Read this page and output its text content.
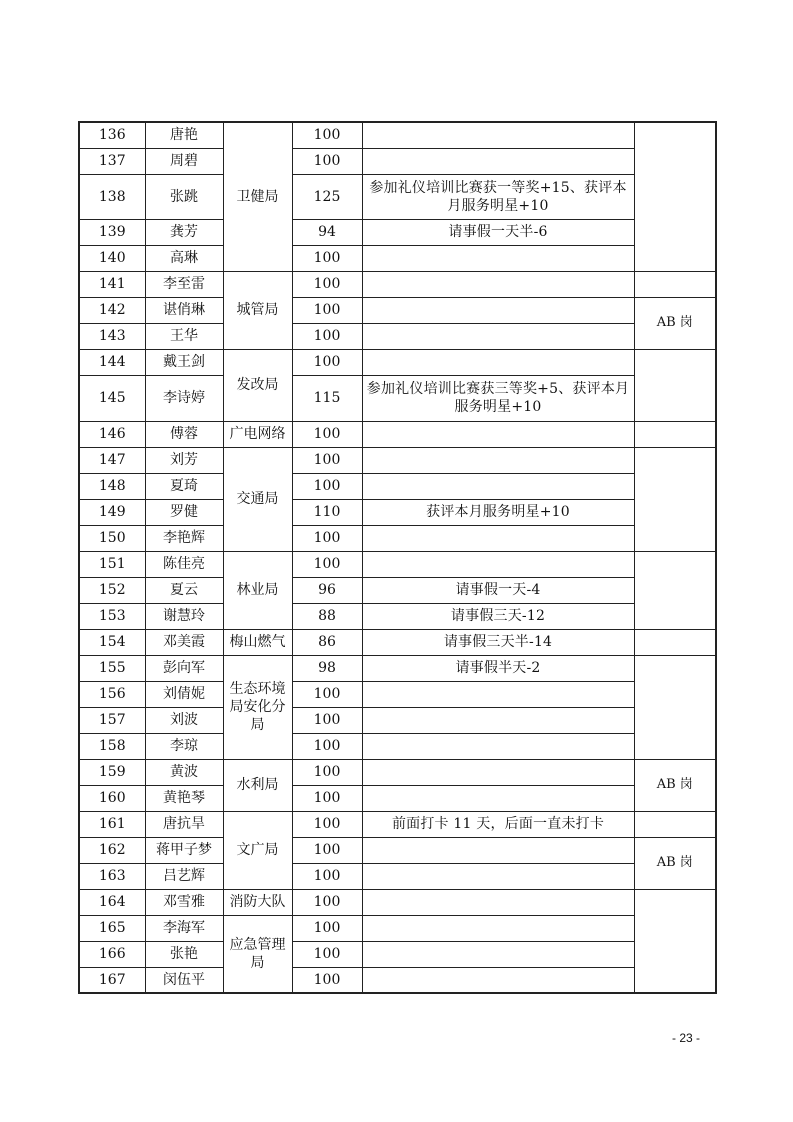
136	唐艳	卫健局	100		
137	周碧		100		
138	张跳		125	参加礼仪培训比赛获一等奖+15、获评本月服务明星+10	
139	龚芳		94	请事假一天半-6	
140	高琳		100		
141	李至雷	城管局	100		
142	谌俏琳		100		AB 岗
143	王华		100		
144	戴王剑	发改局	100		
145	李诗婷		115	参加礼仪培训比赛获三等奖+5、获评本月服务明星+10	
146	傅蓉	广电网络	100		
147	刘芳	交通局	100		
148	夏琦		100		
149	罗健		110	获评本月服务明星+10	
150	李艳辉		100		
151	陈佳亮	林业局	100		
152	夏云		96	请事假一天-4	
153	谢慧玲		88	请事假三天-12	
154	邓美霞	梅山燃气	86	请事假三天半-14	
155	彭向军	生态环境局安化分局	98	请事假半天-2	
156	刘倩妮		100		
157	刘波		100		
158	李琼		100		
159	黄波	水利局	100		AB 岗
160	黄艳琴		100		
161	唐抗旱	文广局	100	前面打卡 11 天，后面一直未打卡	
162	蒋甲子梦		100		AB 岗
163	吕艺辉		100		
164	邓雪雅	消防大队	100		
165	李海军	应急管理局	100		
166	张艳		100		
167	闵伍平		100		
- 23 -
